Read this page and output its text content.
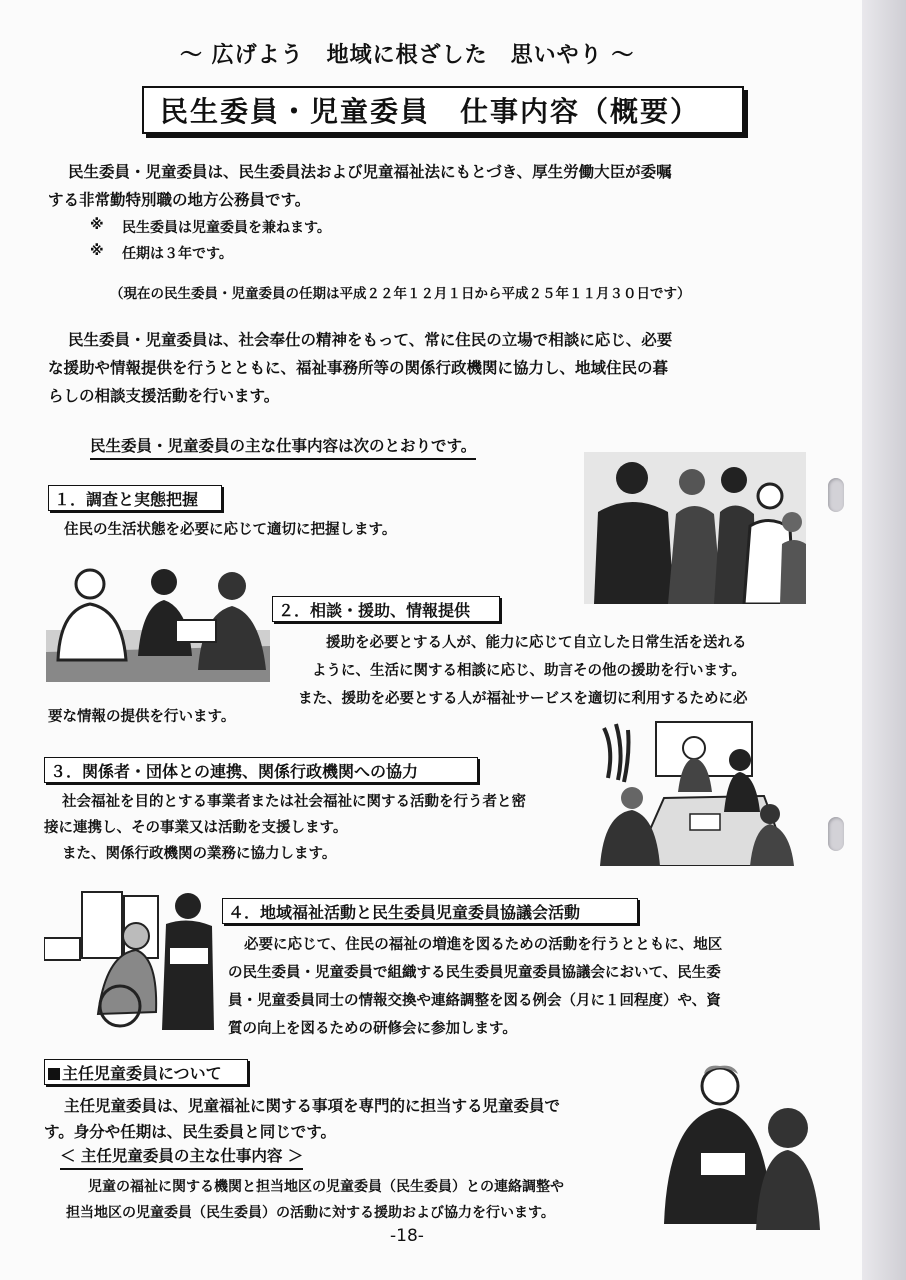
～ 広げよう　地域に根ざした　思いやり ～
民生委員・児童委員　仕事内容（概要）
民生委員・児童委員は、民生委員法および児童福祉法にもとづき、厚生労働大臣が委嘱
する非常勤特別職の地方公務員です。
※ 民生委員は児童委員を兼ねます。
※ 任期は３年です。
（現在の民生委員・児童委員の任期は平成２２年１２月１日から平成２５年１１月３０日です）
民生委員・児童委員は、社会奉仕の精神をもって、常に住民の立場で相談に応じ、必要
な援助や情報提供を行うとともに、福祉事務所等の関係行政機関に協力し、地域住民の暮
らしの相談支援活動を行います。
民生委員・児童委員の主な仕事内容は次のとおりです。
１．調査と実態把握
住民の生活状態を必要に応じて適切に把握します。
２．相談・援助、情報提供
援助を必要とする人が、能力に応じて自立した日常生活を送れる
ように、生活に関する相談に応じ、助言その他の援助を行います。
また、援助を必要とする人が福祉サービスを適切に利用するために必
要な情報の提供を行います。
３．関係者・団体との連携、関係行政機関への協力
社会福祉を目的とする事業者または社会福祉に関する活動を行う者と密
接に連携し、その事業又は活動を支援します。
また、関係行政機関の業務に協力します。
４．地域福祉活動と民生委員児童委員協議会活動
必要に応じて、住民の福祉の増進を図るための活動を行うとともに、地区
の民生委員・児童委員で組織する民生委員児童委員協議会において、民生委
員・児童委員同士の情報交換や連絡調整を図る例会（月に１回程度）や、資
質の向上を図るための研修会に参加します。
主任児童委員について
主任児童委員は、児童福祉に関する事項を専門的に担当する児童委員で
す。身分や任期は、民生委員と同じです。
＜ 主任児童委員の主な仕事内容 ＞
児童の福祉に関する機関と担当地区の児童委員（民生委員）との連絡調整や
担当地区の児童委員（民生委員）の活動に対する援助および協力を行います。
-18-
